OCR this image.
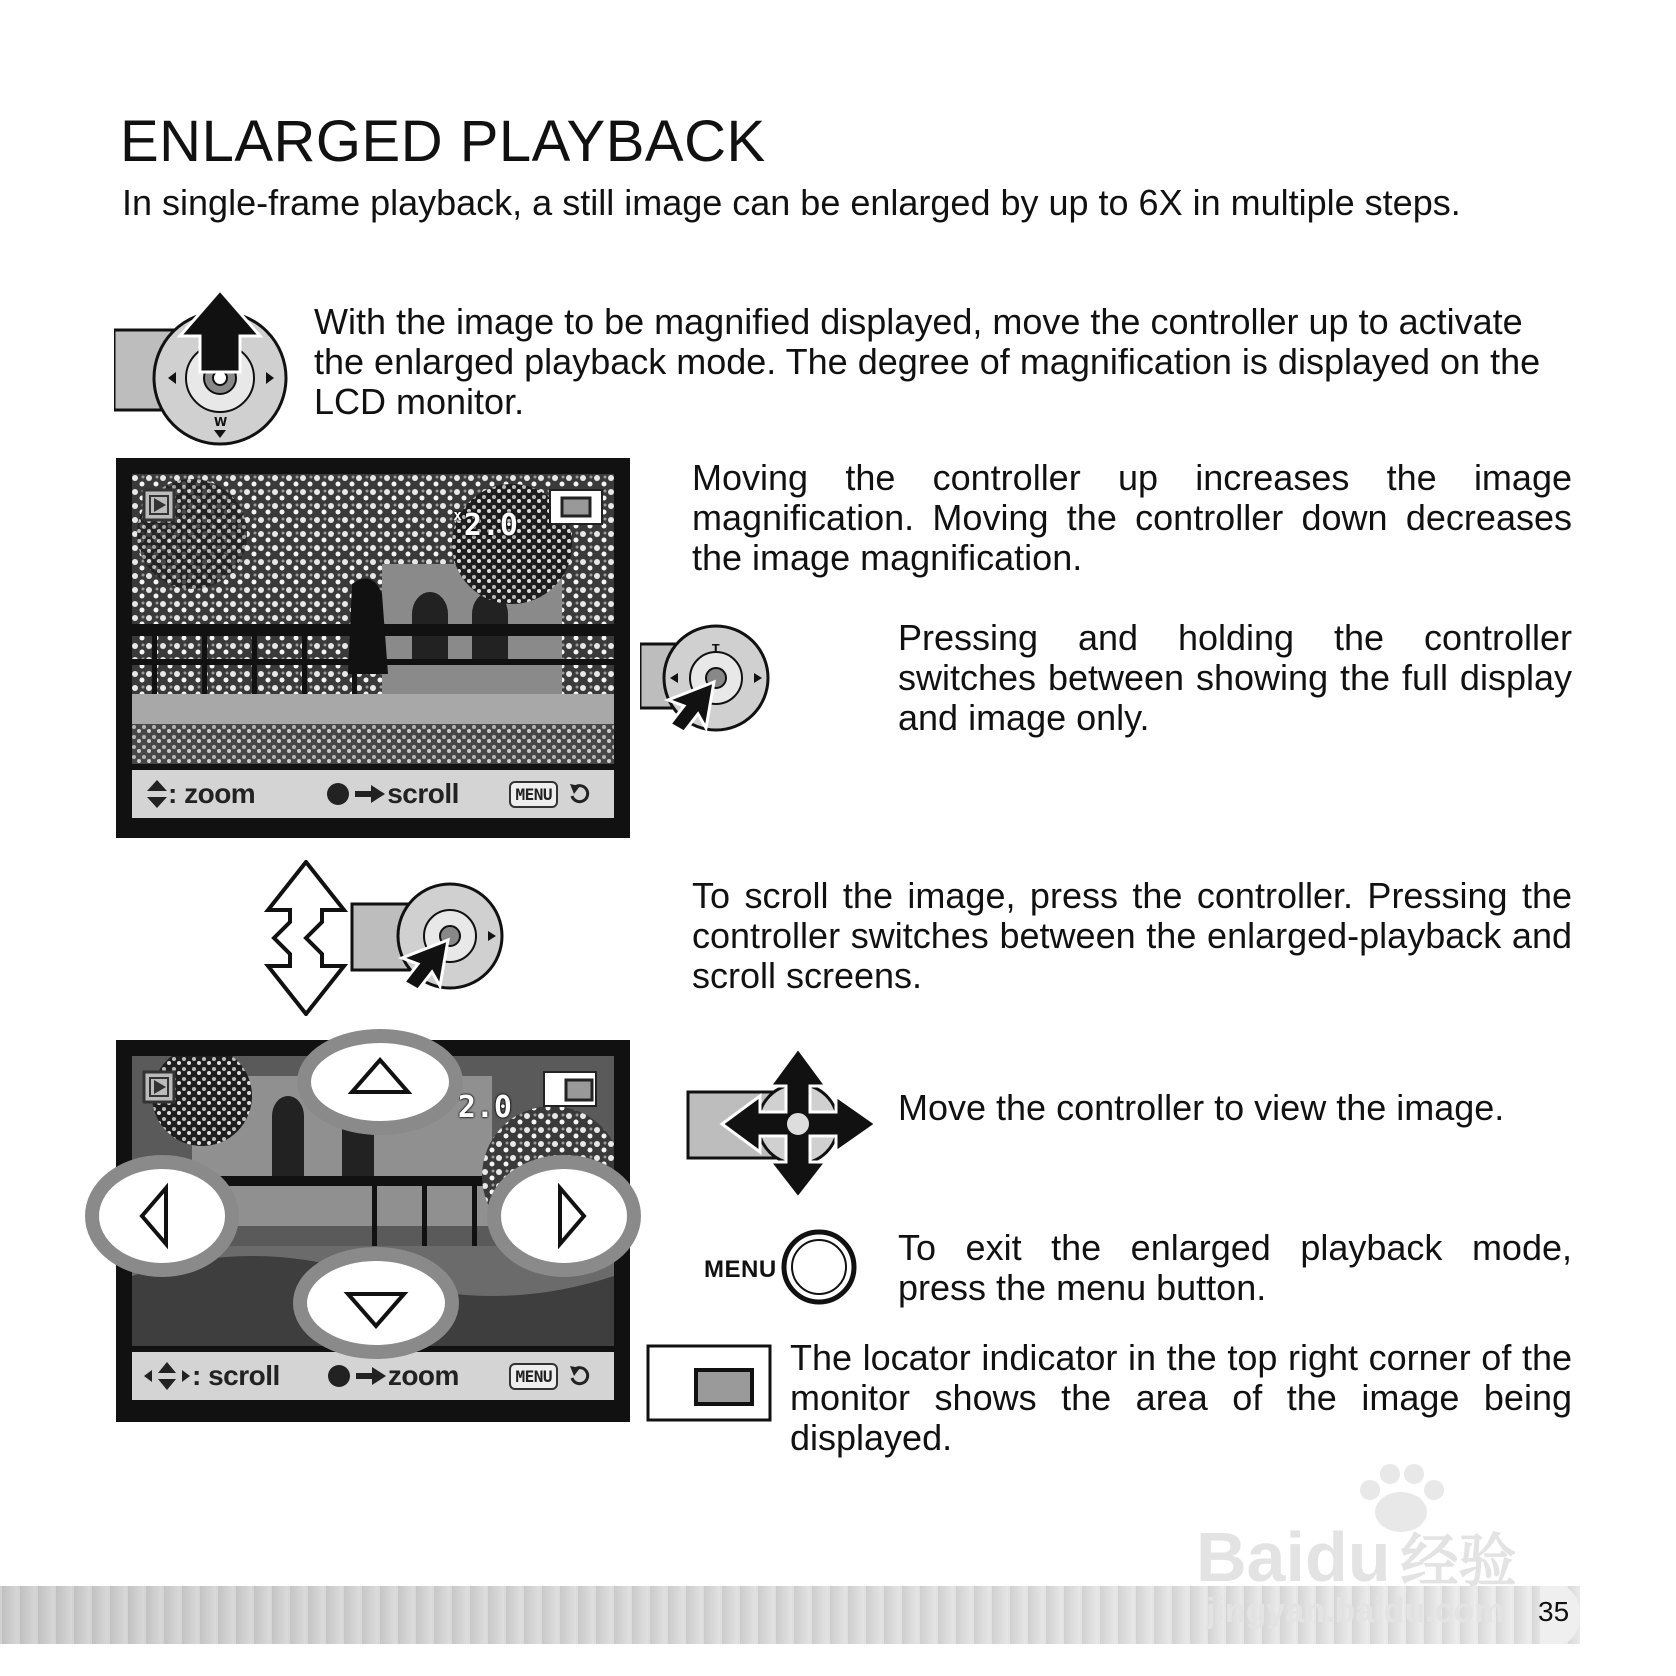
ENLARGED PLAYBACK
In single-frame playback, a still image can be enlarged by up to 6X in multiple steps.
W
With the image to be magnified displayed, move the controller up to activate the enlarged playback mode. The degree of magnification is displayed on the LCD monitor.
$^x$2.0
: zoom	scroll	MENU
Moving the controller up increases the image magnification. Moving the controller down decreases the image magnification.
T	Pressing and holding the controller switches between showing the full display and image only.
To scroll the image, press the controller. Pressing the controller switches between the enlarged-playback and scroll screens.
2.0
: scroll	zoom	MENU
Move the controller to view the image.
MENU
To exit the enlarged playback mode, press the menu button.
The locator indicator in the top right corner of the monitor shows the area of the image being displayed.
35
Baidu 经验
jingyan.baidu.com
